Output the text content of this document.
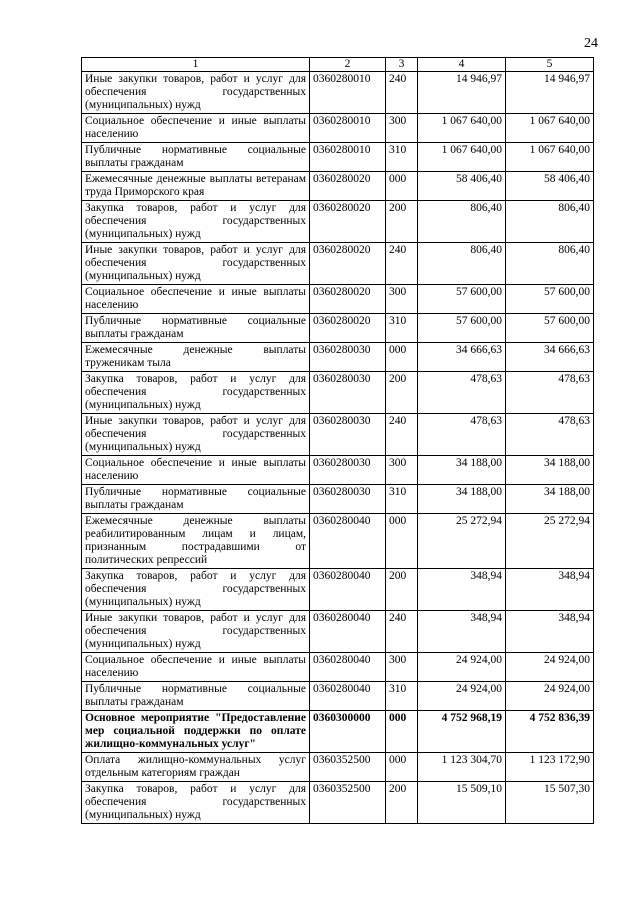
24
1	2	3	4	5
Иные закупки товаров, работ и услуг для обеспечения государственных (муниципальных) нужд	0360280010	240	14 946,97	14 946,97
Социальное обеспечение и иные выплаты населению	0360280010	300	1 067 640,00	1 067 640,00
Публичные нормативные социальные выплаты гражданам	0360280010	310	1 067 640,00	1 067 640,00
Ежемесячные денежные выплаты ветеранам труда Приморского края	0360280020	000	58 406,40	58 406,40
Закупка товаров, работ и услуг для обеспечения государственных (муниципальных) нужд	0360280020	200	806,40	806,40
Иные закупки товаров, работ и услуг для обеспечения государственных (муниципальных) нужд	0360280020	240	806,40	806,40
Социальное обеспечение и иные выплаты населению	0360280020	300	57 600,00	57 600,00
Публичные нормативные социальные выплаты гражданам	0360280020	310	57 600,00	57 600,00
Ежемесячные денежные выплаты труженикам тыла	0360280030	000	34 666,63	34 666,63
Закупка товаров, работ и услуг для обеспечения государственных (муниципальных) нужд	0360280030	200	478,63	478,63
Иные закупки товаров, работ и услуг для обеспечения государственных (муниципальных) нужд	0360280030	240	478,63	478,63
Социальное обеспечение и иные выплаты населению	0360280030	300	34 188,00	34 188,00
Публичные нормативные социальные выплаты гражданам	0360280030	310	34 188,00	34 188,00
Ежемесячные денежные выплаты реабилитированным лицам и лицам, признанным пострадавшими от политических репрессий	0360280040	000	25 272,94	25 272,94
Закупка товаров, работ и услуг для обеспечения государственных (муниципальных) нужд	0360280040	200	348,94	348,94
Иные закупки товаров, работ и услуг для обеспечения государственных (муниципальных) нужд	0360280040	240	348,94	348,94
Социальное обеспечение и иные выплаты населению	0360280040	300	24 924,00	24 924,00
Публичные нормативные социальные выплаты гражданам	0360280040	310	24 924,00	24 924,00
Основное мероприятие "Предоставление мер социальной поддержки по оплате жилищно-коммунальных услуг"	0360300000	000	4 752 968,19	4 752 836,39
Оплата жилищно-коммунальных услуг отдельным категориям граждан	0360352500	000	1 123 304,70	1 123 172,90
Закупка товаров, работ и услуг для обеспечения государственных (муниципальных) нужд	0360352500	200	15 509,10	15 507,30
